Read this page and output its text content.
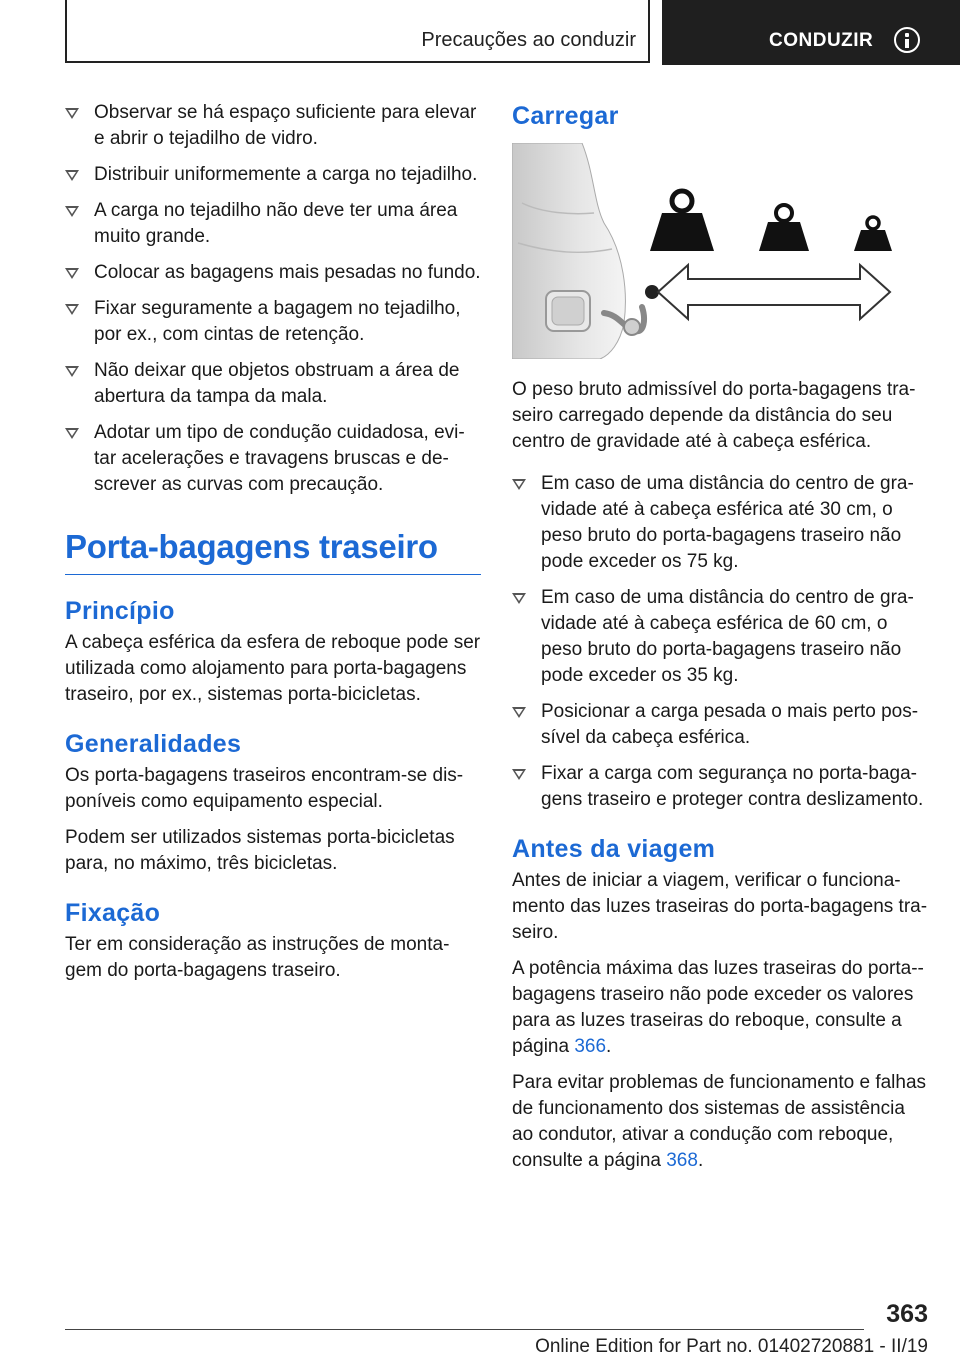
Precauções ao conduzir	CONDUZIR
Observar se há espaço suficiente para elevar e abrir o tejadilho de vidro.
Distribuir uniformemente a carga no tejadilho.
A carga no tejadilho não deve ter uma área muito grande.
Colocar as bagagens mais pesadas no fundo.
Fixar seguramente a bagagem no tejadilho, por ex., com cintas de retenção.
Não deixar que objetos obstruam a área de abertura da tampa da mala.
Adotar um tipo de condução cuidadosa, evi-tar acelerações e travagens bruscas e de-screver as curvas com precaução.
Porta-bagagens traseiro
Princípio

A cabeça esférica da esfera de reboque pode ser utilizada como alojamento para porta-bagagens traseiro, por ex., sistemas porta-bicicletas.

Generalidades

Os porta-bagagens traseiros encontram-se dis-poníveis como equipamento especial.

Podem ser utilizados sistemas porta-bicicletas para, no máximo, três bicicletas.

Fixação

Ter em consideração as instruções de monta-gem do porta-bagagens traseiro.

Carregar

O peso bruto admissível do porta-bagagens tra-seiro carregado depende da distância do seu centro de gravidade até à cabeça esférica.

Em caso de uma distância do centro de gra-vidade até à cabeça esférica até 30 cm, o peso bruto do porta-bagagens traseiro não pode exceder os 75 kg.
Em caso de uma distância do centro de gra-vidade até à cabeça esférica de 60 cm, o peso bruto do porta-bagagens traseiro não pode exceder os 35 kg.
Posicionar a carga pesada o mais perto pos-sível da cabeça esférica.
Fixar a carga com segurança no porta-baga-gens traseiro e proteger contra deslizamento.
Antes da viagem

Antes de iniciar a viagem, verificar o funciona-mento das luzes traseiras do porta-bagagens tra-seiro.

A potência máxima das luzes traseiras do porta--bagagens traseiro não pode exceder os valores para as luzes traseiras do reboque, consulte a página 366.

Para evitar problemas de funcionamento e falhas de funcionamento dos sistemas de assistência ao condutor, ativar a condução com reboque, consulte a página 368.

363
Online Edition for Part no. 01402720881 - II/19
